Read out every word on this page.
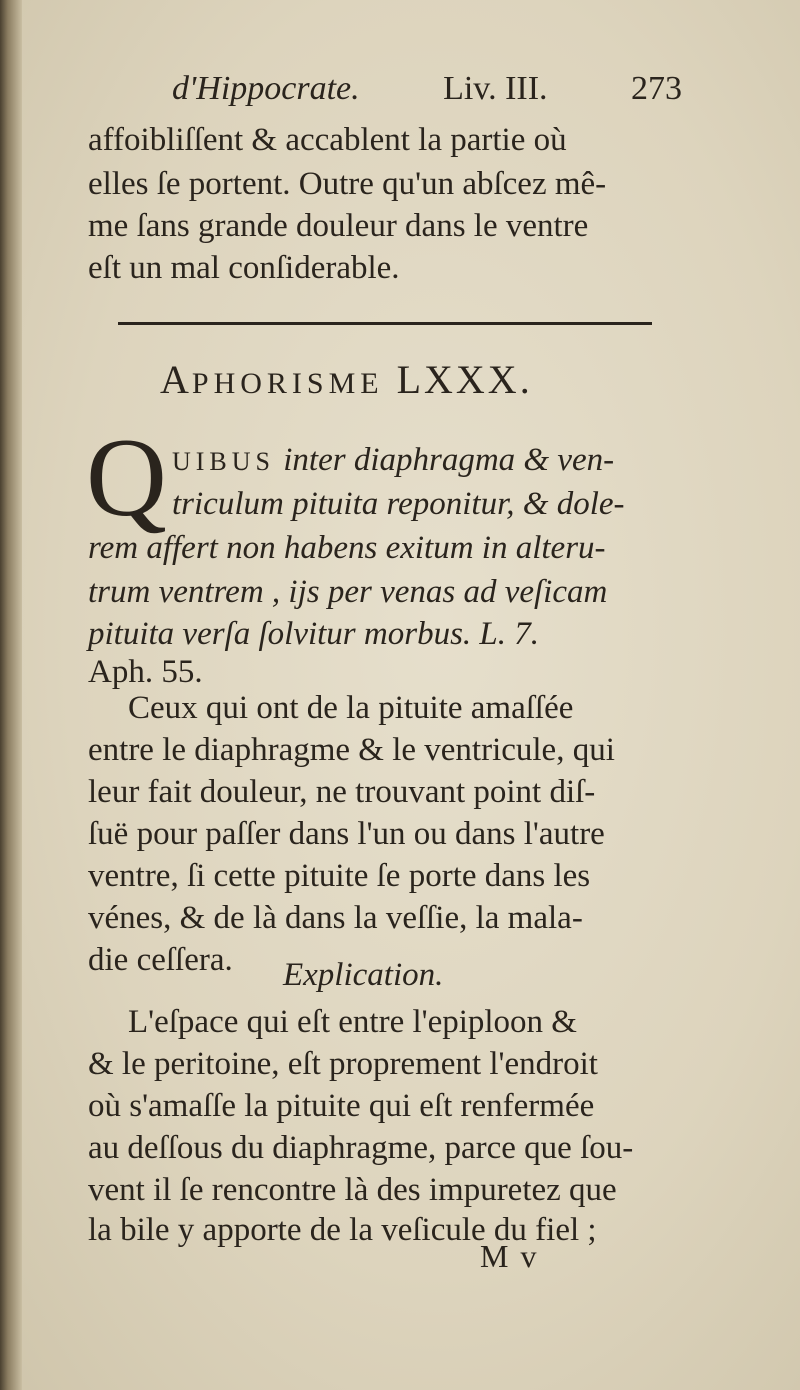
d'Hippocrate. Liv. III. 273
affoibliſſent & accablent la partie où
elles ſe portent. Outre qu'un abſcez mê-
me ſans grande douleur dans le ventre
eſt un mal conſiderable.
APHORISME LXXX.
Q UIBUS inter diaphragma & ven-
triculum pituita reponitur, & dole-
rem affert non habens exitum in alteru-
trum ventrem , ijs per venas ad veſicam
pituita verſa ſolvitur morbus. L. 7.
Aph. 55.
Ceux qui ont de la pituite amaſſée
entre le diaphragme & le ventricule, qui
leur fait douleur, ne trouvant point diſ-
ſuë pour paſſer dans l'un ou dans l'autre
ventre, ſi cette pituite ſe porte dans les
vénes, & de là dans la veſſie, la mala-
die ceſſera.	Explication.
L'eſpace qui eſt entre l'epiploon &
& le peritoine, eſt proprement l'endroit
où s'amaſſe la pituite qui eſt renfermée
au deſſous du diaphragme, parce que ſou-
vent il ſe rencontre là des impuretez que
la bile y apporte de la veſicule du fiel ;
M v
